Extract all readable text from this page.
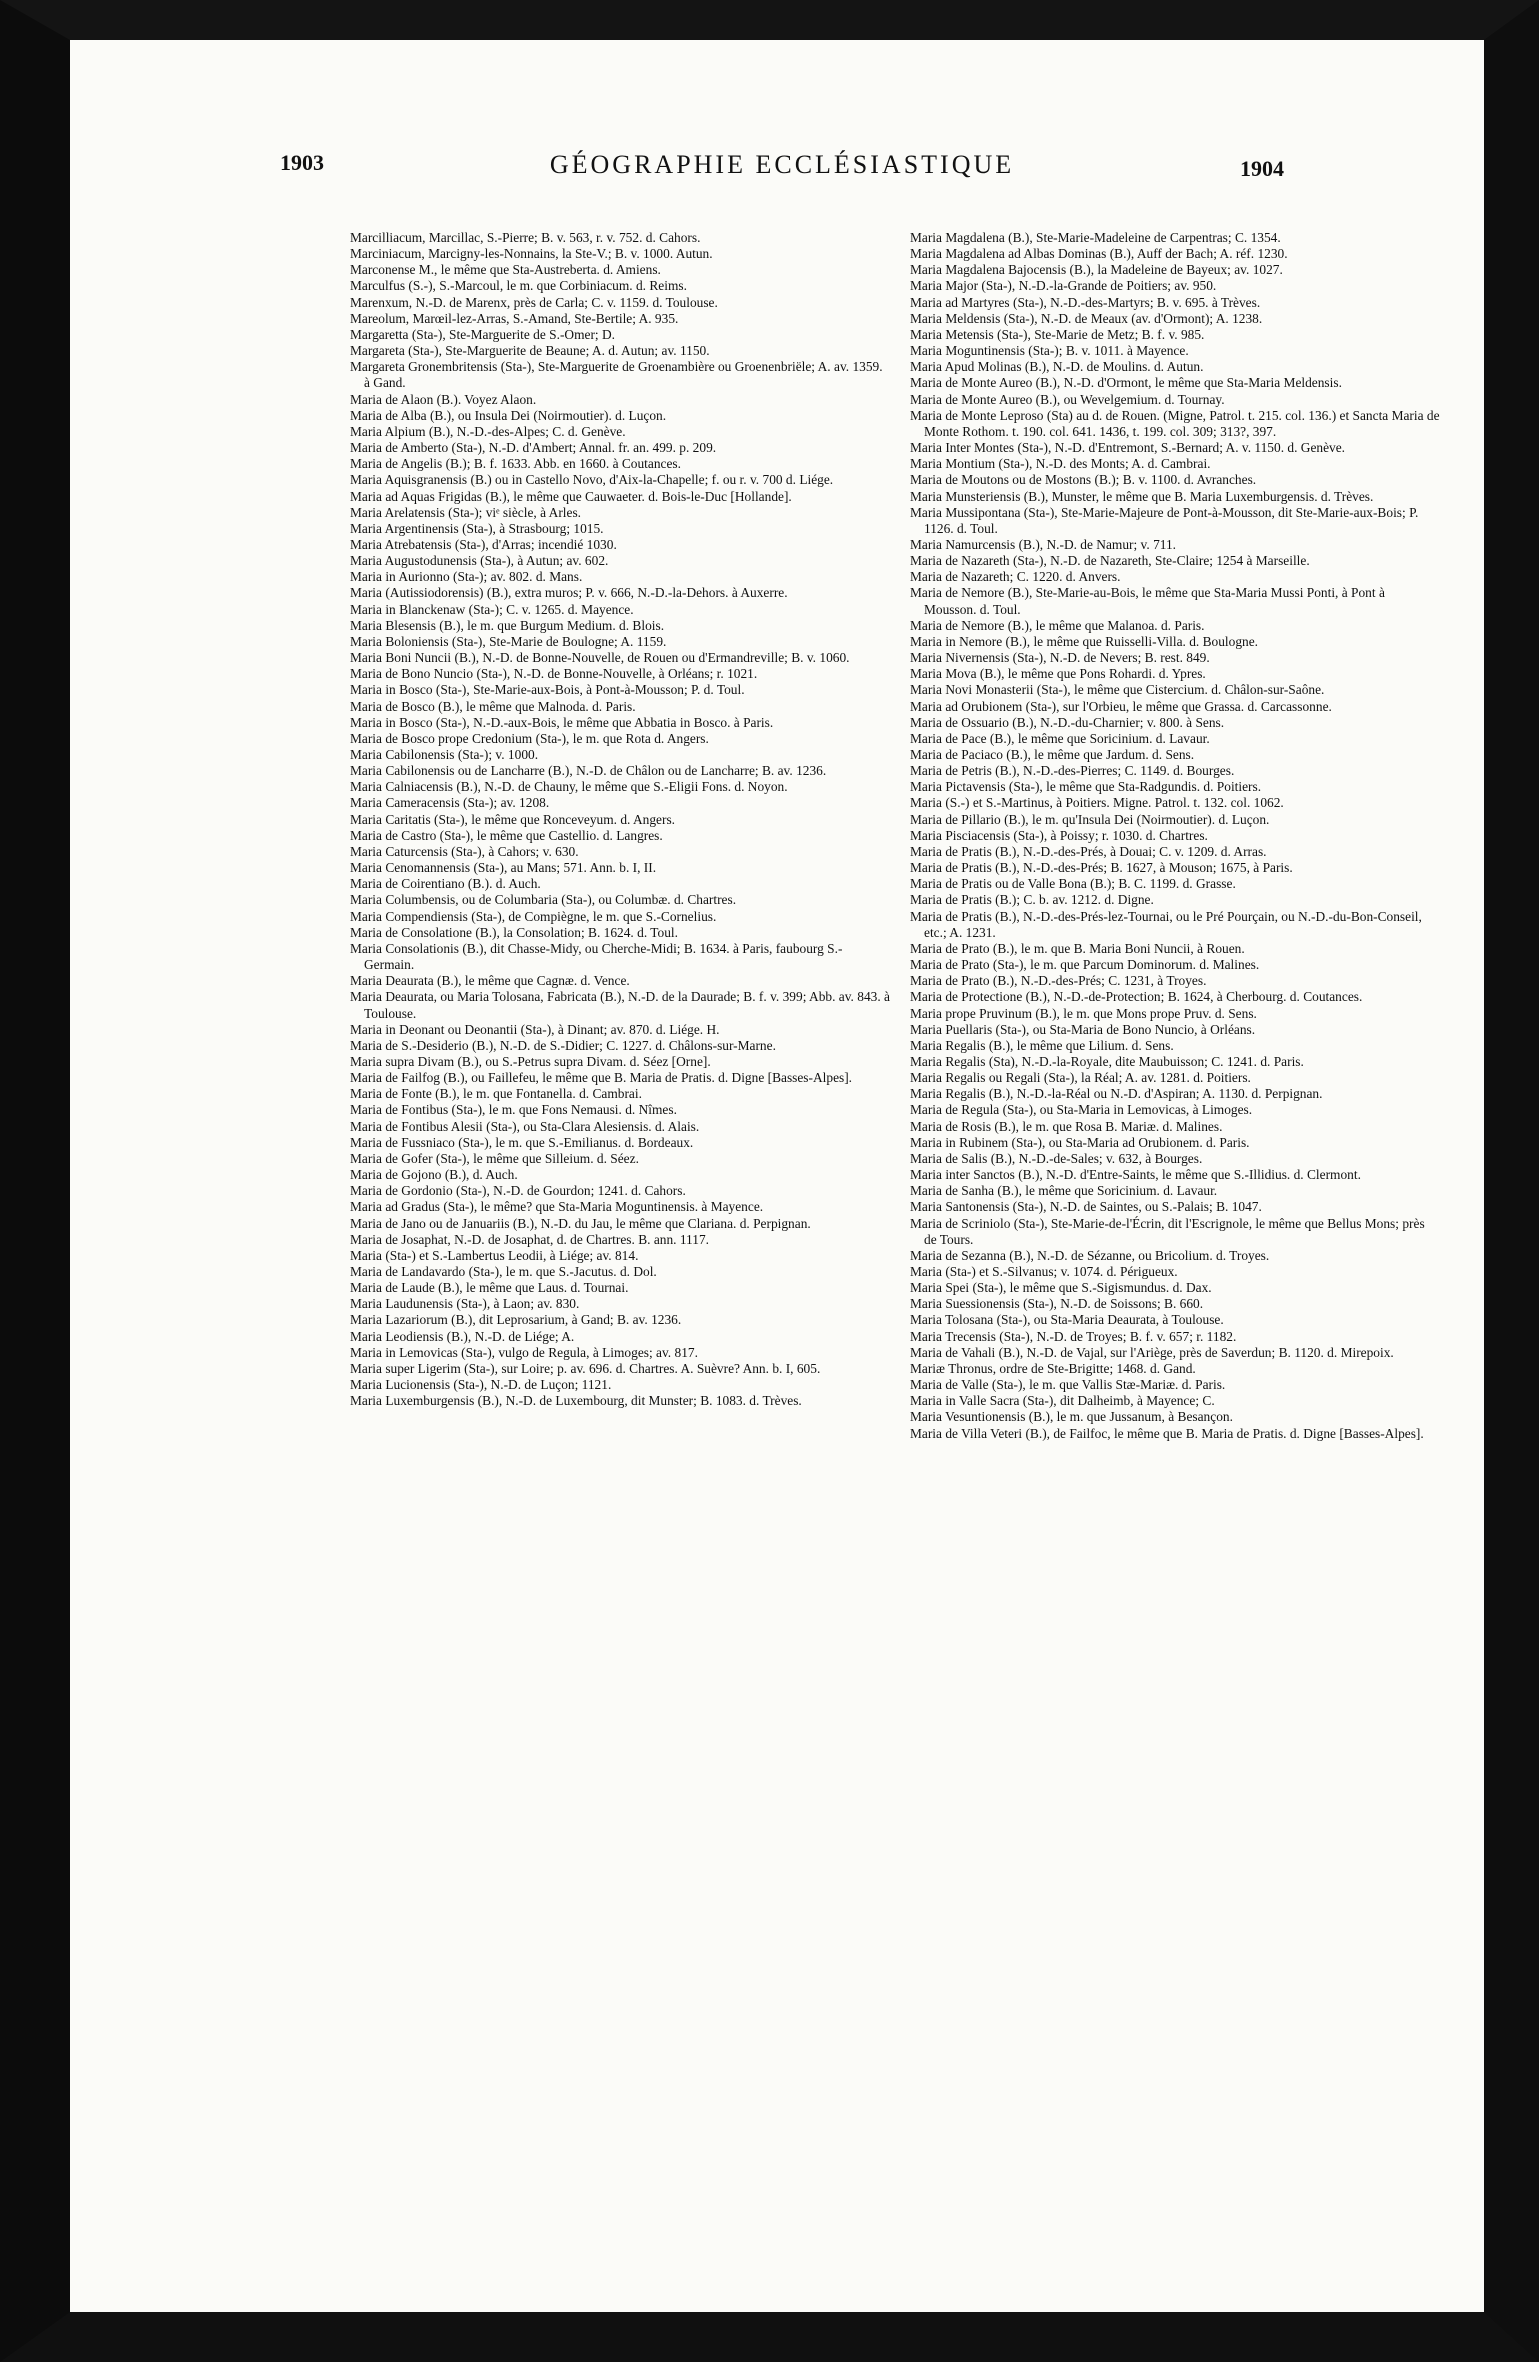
1903	GÉOGRAPHIE ECCLÉSIASTIQUE	1904

Marcilliacum, Marcillac, S.-Pierre; B. v. 563, r. v. 752. d. Cahors.

Marciniacum, Marcigny-les-Nonnains, la Ste-V.; B. v. 1000. Autun.

Marconense M., le même que Sta-Austreberta. d. Amiens.

Marculfus (S.-), S.-Marcoul, le m. que Corbiniacum. d. Reims.

Marenxum, N.-D. de Marenx, près de Carla; C. v. 1159. d. Toulouse.

Mareolum, Marœil-lez-Arras, S.-Amand, Ste-Bertile; A. 935.

Margaretta (Sta-), Ste-Marguerite de S.-Omer; D.

Margareta (Sta-), Ste-Marguerite de Beaune; A. d. Autun; av. 1150.

Margareta Gronembritensis (Sta-), Ste-Marguerite de Groenambière ou Groenenbriële; A. av. 1359. à Gand.

Maria de Alaon (B.). Voyez Alaon.

Maria de Alba (B.), ou Insula Dei (Noirmoutier). d. Luçon.

Maria Alpium (B.), N.-D.-des-Alpes; C. d. Genève.

Maria de Amberto (Sta-), N.-D. d'Ambert; Annal. fr. an. 499. p. 209.

Maria de Angelis (B.); B. f. 1633. Abb. en 1660. à Coutances.

Maria Aquisgranensis (B.) ou in Castello Novo, d'Aix-la-Chapelle; f. ou r. v. 700 d. Liége.

Maria ad Aquas Frigidas (B.), le même que Cauwaeter. d. Bois-le-Duc [Hollande].

Maria Arelatensis (Sta-); viᵉ siècle, à Arles.

Maria Argentinensis (Sta-), à Strasbourg; 1015.

Maria Atrebatensis (Sta-), d'Arras; incendié 1030.

Maria Augustodunensis (Sta-), à Autun; av. 602.

Maria in Aurionno (Sta-); av. 802. d. Mans.

Maria (Autissiodorensis) (B.), extra muros; P. v. 666, N.-D.-la-Dehors. à Auxerre.

Maria in Blanckenaw (Sta-); C. v. 1265. d. Mayence.

Maria Blesensis (B.), le m. que Burgum Medium. d. Blois.

Maria Boloniensis (Sta-), Ste-Marie de Boulogne; A. 1159.

Maria Boni Nuncii (B.), N.-D. de Bonne-Nouvelle, de Rouen ou d'Ermandreville; B. v. 1060.

Maria de Bono Nuncio (Sta-), N.-D. de Bonne-Nouvelle, à Orléans; r. 1021.

Maria in Bosco (Sta-), Ste-Marie-aux-Bois, à Pont-à-Mousson; P. d. Toul.

Maria de Bosco (B.), le même que Malnoda. d. Paris.

Maria in Bosco (Sta-), N.-D.-aux-Bois, le même que Abbatia in Bosco. à Paris.

Maria de Bosco prope Credonium (Sta-), le m. que Rota d. Angers.

Maria Cabilonensis (Sta-); v. 1000.

Maria Cabilonensis ou de Lancharre (B.), N.-D. de Châlon ou de Lancharre; B. av. 1236.

Maria Calniacensis (B.), N.-D. de Chauny, le même que S.-Eligii Fons. d. Noyon.

Maria Cameracensis (Sta-); av. 1208.

Maria Caritatis (Sta-), le même que Ronceveyum. d. Angers.

Maria de Castro (Sta-), le même que Castellio. d. Langres.

Maria Caturcensis (Sta-), à Cahors; v. 630.

Maria Cenomannensis (Sta-), au Mans; 571. Ann. b. I, II.

Maria de Coirentiano (B.). d. Auch.

Maria Columbensis, ou de Columbaria (Sta-), ou Columbæ. d. Chartres.

Maria Compendiensis (Sta-), de Compiègne, le m. que S.-Cornelius.

Maria de Consolatione (B.), la Consolation; B. 1624. d. Toul.

Maria Consolationis (B.), dit Chasse-Midy, ou Cherche-Midi; B. 1634. à Paris, faubourg S.-Germain.

Maria Deaurata (B.), le même que Cagnæ. d. Vence.

Maria Deaurata, ou Maria Tolosana, Fabricata (B.), N.-D. de la Daurade; B. f. v. 399; Abb. av. 843. à Toulouse.

Maria in Deonant ou Deonantii (Sta-), à Dinant; av. 870. d. Liége. H.

Maria de S.-Desiderio (B.), N.-D. de S.-Didier; C. 1227. d. Châlons-sur-Marne.

Maria supra Divam (B.), ou S.-Petrus supra Divam. d. Séez [Orne].

Maria de Failfog (B.), ou Faillefeu, le même que B. Maria de Pratis. d. Digne [Basses-Alpes].

Maria de Fonte (B.), le m. que Fontanella. d. Cambrai.

Maria de Fontibus (Sta-), le m. que Fons Nemausi. d. Nîmes.

Maria de Fontibus Alesii (Sta-), ou Sta-Clara Alesiensis. d. Alais.

Maria de Fussniaco (Sta-), le m. que S.-Emilianus. d. Bordeaux.

Maria de Gofer (Sta-), le même que Silleium. d. Séez.

Maria de Gojono (B.), d. Auch.

Maria de Gordonio (Sta-), N.-D. de Gourdon; 1241. d. Cahors.

Maria ad Gradus (Sta-), le même? que Sta-Maria Moguntinensis. à Mayence.

Maria de Jano ou de Januariis (B.), N.-D. du Jau, le même que Clariana. d. Perpignan.

Maria de Josaphat, N.-D. de Josaphat, d. de Chartres. B. ann. 1117.

Maria (Sta-) et S.-Lambertus Leodii, à Liége; av. 814.

Maria de Landavardo (Sta-), le m. que S.-Jacutus. d. Dol.

Maria de Laude (B.), le même que Laus. d. Tournai.

Maria Laudunensis (Sta-), à Laon; av. 830.

Maria Lazariorum (B.), dit Leprosarium, à Gand; B. av. 1236.

Maria Leodiensis (B.), N.-D. de Liége; A.

Maria in Lemovicas (Sta-), vulgo de Regula, à Limoges; av. 817.

Maria super Ligerim (Sta-), sur Loire; p. av. 696. d. Chartres. A. Suèvre? Ann. b. I, 605.

Maria Lucionensis (Sta-), N.-D. de Luçon; 1121.

Maria Luxemburgensis (B.), N.-D. de Luxembourg, dit Munster; B. 1083. d. Trèves.

Maria Magdalena (B.), Ste-Marie-Madeleine de Carpentras; C. 1354.

Maria Magdalena ad Albas Dominas (B.), Auff der Bach; A. réf. 1230.

Maria Magdalena Bajocensis (B.), la Madeleine de Bayeux; av. 1027.

Maria Major (Sta-), N.-D.-la-Grande de Poitiers; av. 950.

Maria ad Martyres (Sta-), N.-D.-des-Martyrs; B. v. 695. à Trèves.

Maria Meldensis (Sta-), N.-D. de Meaux (av. d'Ormont); A. 1238.

Maria Metensis (Sta-), Ste-Marie de Metz; B. f. v. 985.

Maria Moguntinensis (Sta-); B. v. 1011. à Mayence.

Maria Apud Molinas (B.), N.-D. de Moulins. d. Autun.

Maria de Monte Aureo (B.), N.-D. d'Ormont, le même que Sta-Maria Meldensis.

Maria de Monte Aureo (B.), ou Wevelgemium. d. Tournay.

Maria de Monte Leproso (Sta) au d. de Rouen. (Migne, Patrol. t. 215. col. 136.) et Sancta Maria de Monte Rothom. t. 190. col. 641. 1436, t. 199. col. 309; 313?, 397.

Maria Inter Montes (Sta-), N.-D. d'Entremont, S.-Bernard; A. v. 1150. d. Genève.

Maria Montium (Sta-), N.-D. des Monts; A. d. Cambrai.

Maria de Moutons ou de Mostons (B.); B. v. 1100. d. Avranches.

Maria Munsteriensis (B.), Munster, le même que B. Maria Luxemburgensis. d. Trèves.

Maria Mussipontana (Sta-), Ste-Marie-Majeure de Pont-à-Mousson, dit Ste-Marie-aux-Bois; P. 1126. d. Toul.

Maria Namurcensis (B.), N.-D. de Namur; v. 711.

Maria de Nazareth (Sta-), N.-D. de Nazareth, Ste-Claire; 1254 à Marseille.

Maria de Nazareth; C. 1220. d. Anvers.

Maria de Nemore (B.), Ste-Marie-au-Bois, le même que Sta-Maria Mussi Ponti, à Pont à Mousson. d. Toul.

Maria de Nemore (B.), le même que Malanoa. d. Paris.

Maria in Nemore (B.), le même que Ruisselli-Villa. d. Boulogne.

Maria Nivernensis (Sta-), N.-D. de Nevers; B. rest. 849.

Maria Mova (B.), le même que Pons Rohardi. d. Ypres.

Maria Novi Monasterii (Sta-), le même que Cistercium. d. Châlon-sur-Saône.

Maria ad Orubionem (Sta-), sur l'Orbieu, le même que Grassa. d. Carcassonne.

Maria de Ossuario (B.), N.-D.-du-Charnier; v. 800. à Sens.

Maria de Pace (B.), le même que Soricinium. d. Lavaur.

Maria de Paciaco (B.), le même que Jardum. d. Sens.

Maria de Petris (B.), N.-D.-des-Pierres; C. 1149. d. Bourges.

Maria Pictavensis (Sta-), le même que Sta-Radgundis. d. Poitiers.

Maria (S.-) et S.-Martinus, à Poitiers. Migne. Patrol. t. 132. col. 1062.

Maria de Pillario (B.), le m. qu'Insula Dei (Noirmoutier). d. Luçon.

Maria Pisciacensis (Sta-), à Poissy; r. 1030. d. Chartres.

Maria de Pratis (B.), N.-D.-des-Prés, à Douai; C. v. 1209. d. Arras.

Maria de Pratis (B.), N.-D.-des-Prés; B. 1627, à Mouson; 1675, à Paris.

Maria de Pratis ou de Valle Bona (B.); B. C. 1199. d. Grasse.

Maria de Pratis (B.); C. b. av. 1212. d. Digne.

Maria de Pratis (B.), N.-D.-des-Prés-lez-Tournai, ou le Pré Pourçain, ou N.-D.-du-Bon-Conseil, etc.; A. 1231.

Maria de Prato (B.), le m. que B. Maria Boni Nuncii, à Rouen.

Maria de Prato (Sta-), le m. que Parcum Dominorum. d. Malines.

Maria de Prato (B.), N.-D.-des-Prés; C. 1231, à Troyes.

Maria de Protectione (B.), N.-D.-de-Protection; B. 1624, à Cherbourg. d. Coutances.

Maria prope Pruvinum (B.), le m. que Mons prope Pruv. d. Sens.

Maria Puellaris (Sta-), ou Sta-Maria de Bono Nuncio, à Orléans.

Maria Regalis (B.), le même que Lilium. d. Sens.

Maria Regalis (Sta), N.-D.-la-Royale, dite Maubuisson; C. 1241. d. Paris.

Maria Regalis ou Regali (Sta-), la Réal; A. av. 1281. d. Poitiers.

Maria Regalis (B.), N.-D.-la-Réal ou N.-D. d'Aspiran; A. 1130. d. Perpignan.

Maria de Regula (Sta-), ou Sta-Maria in Lemovicas, à Limoges.

Maria de Rosis (B.), le m. que Rosa B. Mariæ. d. Malines.

Maria in Rubinem (Sta-), ou Sta-Maria ad Orubionem. d. Paris.

Maria de Salis (B.), N.-D.-de-Sales; v. 632, à Bourges.

Maria inter Sanctos (B.), N.-D. d'Entre-Saints, le même que S.-Illidius. d. Clermont.

Maria de Sanha (B.), le même que Soricinium. d. Lavaur.

Maria Santonensis (Sta-), N.-D. de Saintes, ou S.-Palais; B. 1047.

Maria de Scriniolo (Sta-), Ste-Marie-de-l'Écrin, dit l'Escrignole, le même que Bellus Mons; près de Tours.

Maria de Sezanna (B.), N.-D. de Sézanne, ou Bricolium. d. Troyes.

Maria (Sta-) et S.-Silvanus; v. 1074. d. Périgueux.

Maria Spei (Sta-), le même que S.-Sigismundus. d. Dax.

Maria Suessionensis (Sta-), N.-D. de Soissons; B. 660.

Maria Tolosana (Sta-), ou Sta-Maria Deaurata, à Toulouse.

Maria Trecensis (Sta-), N.-D. de Troyes; B. f. v. 657; r. 1182.

Maria de Vahali (B.), N.-D. de Vajal, sur l'Ariège, près de Saverdun; B. 1120. d. Mirepoix.

Mariæ Thronus, ordre de Ste-Brigitte; 1468. d. Gand.

Maria de Valle (Sta-), le m. que Vallis Stæ-Mariæ. d. Paris.

Maria in Valle Sacra (Sta-), dit Dalheimb, à Mayence; C.

Maria Vesuntionensis (B.), le m. que Jussanum, à Besançon.

Maria de Villa Veteri (B.), de Failfoc, le même que B. Maria de Pratis. d. Digne [Basses-Alpes].
